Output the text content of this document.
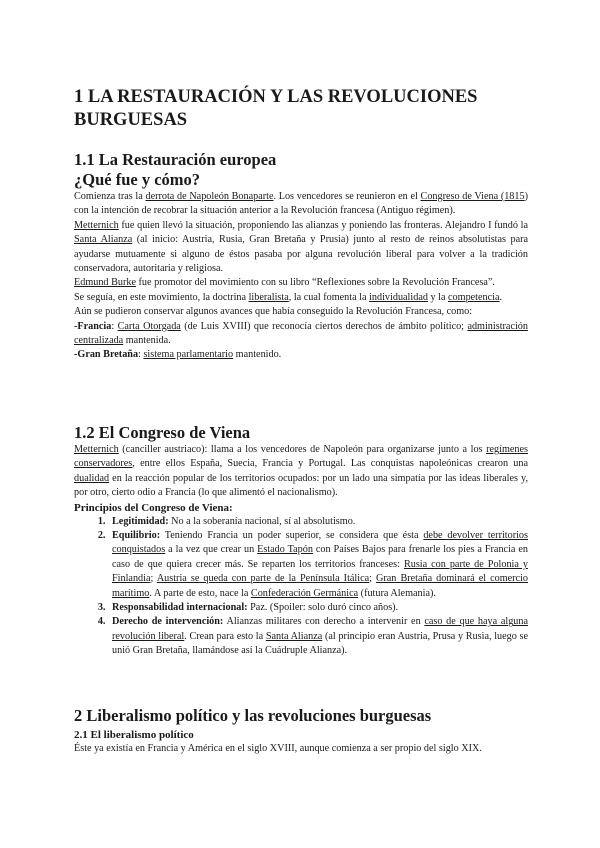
1 LA RESTAURACIÓN Y LAS REVOLUCIONES BURGUESAS
1.1 La Restauración europea
¿Qué fue y cómo?

Comienza tras la derrota de Napoleón Bonaparte. Los vencedores se reunieron en el Congreso de Viena (1815) con la intención de recobrar la situación anterior a la Revolución francesa (Antiguo régimen).

Metternich fue quien llevó la situación, proponiendo las alianzas y poniendo las fronteras. Alejandro I fundó la Santa Alianza (al inicio: Austria, Rusia, Gran Bretaña y Prusia) junto al resto de reinos absolutistas para ayudarse mutuamente si alguno de éstos pasaba por alguna revolución liberal para volver a la tradición conservadora, autoritaria y religiosa.

Edmund Burke fue promotor del movimiento con su libro “Reflexiones sobre la Revolución Francesa”.

Se seguía, en este movimiento, la doctrina liberalista, la cual fomenta la individualidad y la competencia.

Aún se pudieron conservar algunos avances que había conseguido la Revolución Francesa, como:

-Francia: Carta Otorgada (de Luis XVIII) que reconocía ciertos derechos de ámbito político; administración centralizada mantenida.

-Gran Bretaña: sistema parlamentario mantenido.

1.2 El Congreso de Viena

Metternich (canciller austriaco): llama a los vencedores de Napoleón para organizarse junto a los regímenes conservadores, entre ellos España, Suecia, Francia y Portugal. Las conquistas napoleónicas crearon una dualidad en la reacción popular de los territorios ocupados: por un lado una simpatía por las ideas liberales y, por otro, cierto odio a Francia (lo que alimentó el nacionalismo).

Principios del Congreso de Viena:
1. Legitimidad: No a la soberanía nacional, sí al absolutismo.
2. Equilibrio: Teniendo Francia un poder superior, se considera que ésta debe devolver territorios conquistados a la vez que crear un Estado Tapón con Países Bajos para frenarle los pies a Francia en caso de que quiera crecer más. Se reparten los territorios franceses: Rusia con parte de Polonia y Finlandia; Austria se queda con parte de la Península Itálica; Gran Bretaña dominará el comercio marítimo. A parte de esto, nace la Confederación Germánica (futura Alemania).
3. Responsabilidad internacional: Paz. (Spoiler: solo duró cinco años).
4. Derecho de intervención: Alianzas militares con derecho a intervenir en caso de que haya alguna revolución liberal. Crean para esto la Santa Alianza (al principio eran Austria, Prusa y Rusia, luego se unió Gran Bretaña, llamándose así la Cuádruple Alianza).
2 Liberalismo político y las revoluciones burguesas
2.1 El liberalismo político

Éste ya existía en Francia y América en el siglo XVIII, aunque comienza a ser propio del siglo XIX.
